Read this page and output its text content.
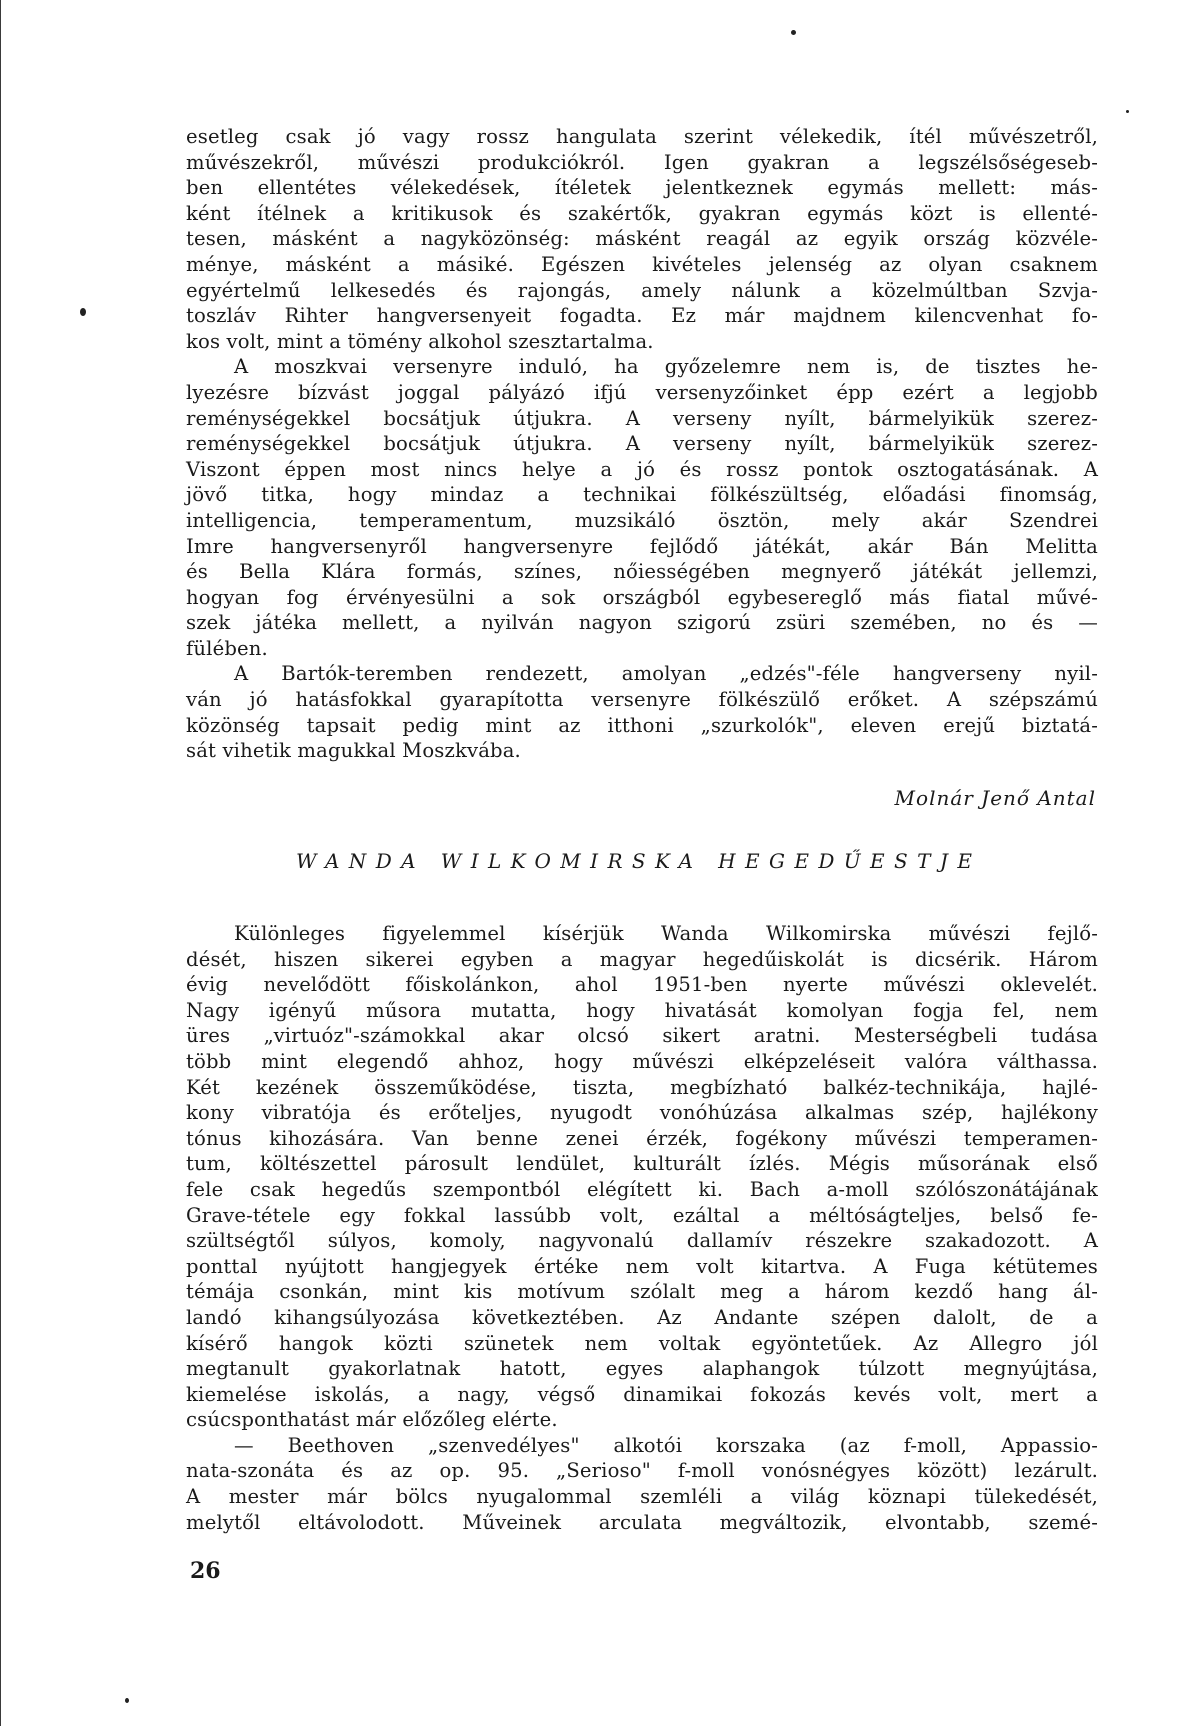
esetleg csak jó vagy rossz hangulata szerint vélekedik, ítél művészetről,
művészekről, művészi produkciókról. Igen gyakran a legszélsőségeseb-
ben ellentétes vélekedések, ítéletek jelentkeznek egymás mellett: más-
ként ítélnek a kritikusok és szakértők, gyakran egymás közt is ellenté-
tesen, másként a nagyközönség: másként reagál az egyik ország közvéle-
ménye, másként a másiké. Egészen kivételes jelenség az olyan csaknem
egyértelmű lelkesedés és rajongás, amely nálunk a közelmúltban Szvja-
toszláv Rihter hangversenyeit fogadta. Ez már majdnem kilencvenhat fo-
kos volt, mint a tömény alkohol szesztartalma.

A moszkvai versenyre induló, ha győzelemre nem is, de tisztes he-
lyezésre bízvást joggal pályázó ifjú versenyzőinket épp ezért a legjobb
reménységekkel bocsátjuk útjukra. A verseny nyílt, bármelyikük szerez-
reménységekkel bocsátjuk útjukra. A verseny nyílt, bármelyikük szerez-
Viszont éppen most nincs helye a jó és rossz pontok osztogatásának. A
jövő titka, hogy mindaz a technikai fölkészültség, előadási finomság,
intelligencia, temperamentum, muzsikáló ösztön, mely akár Szendrei
Imre hangversenyről hangversenyre fejlődő játékát, akár Bán Melitta
és Bella Klára formás, színes, nőiességében megnyerő játékát jellemzi,
hogyan fog érvényesülni a sok országból egybesereglő más fiatal művé-
szek játéka mellett, a nyilván nagyon szigorú zsüri szemében, no és —
fülében.

A Bartók-teremben rendezett, amolyan „edzés"-féle hangverseny nyil-
ván jó hatásfokkal gyarapította versenyre fölkészülő erőket. A szépszámú
közönség tapsait pedig mint az itthoni „szurkolók", eleven erejű biztatá-
sát vihetik magukkal Moszkvába.

Molnár Jenő Antal
WANDA WILKOMIRSKA HEGEDŰESTJE

Különleges figyelemmel kísérjük Wanda Wilkomirska művészi fejlő-
dését, hiszen sikerei egyben a magyar hegedűiskolát is dicsérik. Három
évig nevelődött főiskolánkon, ahol 1951-ben nyerte művészi oklevelét.
Nagy igényű műsora mutatta, hogy hivatását komolyan fogja fel, nem
üres „virtuóz"-számokkal akar olcsó sikert aratni. Mesterségbeli tudása
több mint elegendő ahhoz, hogy művészi elképzeléseit valóra válthassa.
Két kezének összeműködése, tiszta, megbízható balkéz-technikája, hajlé-
kony vibratója és erőteljes, nyugodt vonóhúzása alkalmas szép, hajlékony
tónus kihozására. Van benne zenei érzék, fogékony művészi temperamen-
tum, költészettel párosult lendület, kulturált ízlés. Mégis műsorának első
fele csak hegedűs szempontból elégített ki. Bach a-moll szólószonátájának
Grave-tétele egy fokkal lassúbb volt, ezáltal a méltóságteljes, belső fe-
szültségtől súlyos, komoly, nagyvonalú dallamív részekre szakadozott. A
ponttal nyújtott hangjegyek értéke nem volt kitartva. A Fuga kétütemes
témája csonkán, mint kis motívum szólalt meg a három kezdő hang ál-
landó kihangsúlyozása következtében. Az Andante szépen dalolt, de a
kísérő hangok közti szünetek nem voltak egyöntetűek. Az Allegro jól
megtanult gyakorlatnak hatott, egyes alaphangok túlzott megnyújtása,
kiemelése iskolás, a nagy, végső dinamikai fokozás kevés volt, mert a
csúcsponthatást már előzőleg elérte.

— Beethoven „szenvedélyes" alkotói korszaka (az f-moll, Appassio-
nata-szonáta és az op. 95. „Serioso" f-moll vonósnégyes között) lezárult.
A mester már bölcs nyugalommal szemléli a világ köznapi tülekedését,
melytől eltávolodott. Műveinek arculata megváltozik, elvontabb, szemé-

26
